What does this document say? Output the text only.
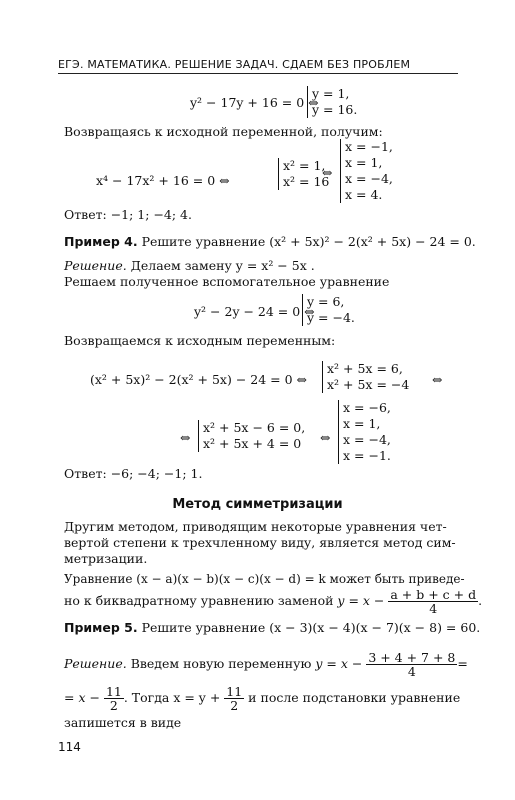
ЕГЭ. МАТЕМАТИКА. РЕШЕНИЕ ЗАДАЧ. СДАЕМ БЕЗ ПРОБЛЕМ
y² − 17y + 16 = 0 ⇔
y = 1,
y = 16.
Возвращаясь к исходной переменной, получим:
x⁴ − 17x² + 16 = 0 ⇔
x² = 1,
x² = 16
⇔
x = −1,
x = 1,
x = −4,
x = 4.
Ответ: −1; 1; −4; 4.
Пример 4. Решите уравнение (x² + 5x)² − 2(x² + 5x) − 24 = 0.
Решение. Делаем замену y = x² − 5x .
Решаем полученное вспомогательное уравнение
y² − 2y − 24 = 0 ⇔
y = 6,
y = −4.
Возвращаемся к исходным переменным:
(x² + 5x)² − 2(x² + 5x) − 24 = 0 ⇔
x² + 5x = 6,
x² + 5x = −4 ⇔
⇔
x² + 5x − 6 = 0,
x² + 5x + 4 = 0	⇔
x = −6,
x = 1,
x = −4,
x = −1.
Ответ: −6; −4; −1; 1.
Метод симметризации
Другим методом, приводящим некоторые уравнения чет-
вертой степени к трехчленному виду, является метод сим-
метризации.
Уравнение (x − a)(x − b)(x − c)(x − d) = k может быть приведе-
но к биквадратному уравнению заменой $y = x - \frac{a + b + c + d}{4}$ .
Пример 5. Решите уравнение (x − 3)(x − 4)(x − 7)(x − 8) = 60.
Решение. Введем новую переменную $y = x - \frac{3 + 4 + 7 + 8}{4}$ =
= $x - \frac{11}{2}$ . Тогда $x = y + \frac{11}{2}$ и после подстановки уравнение
запишется в виде
114
